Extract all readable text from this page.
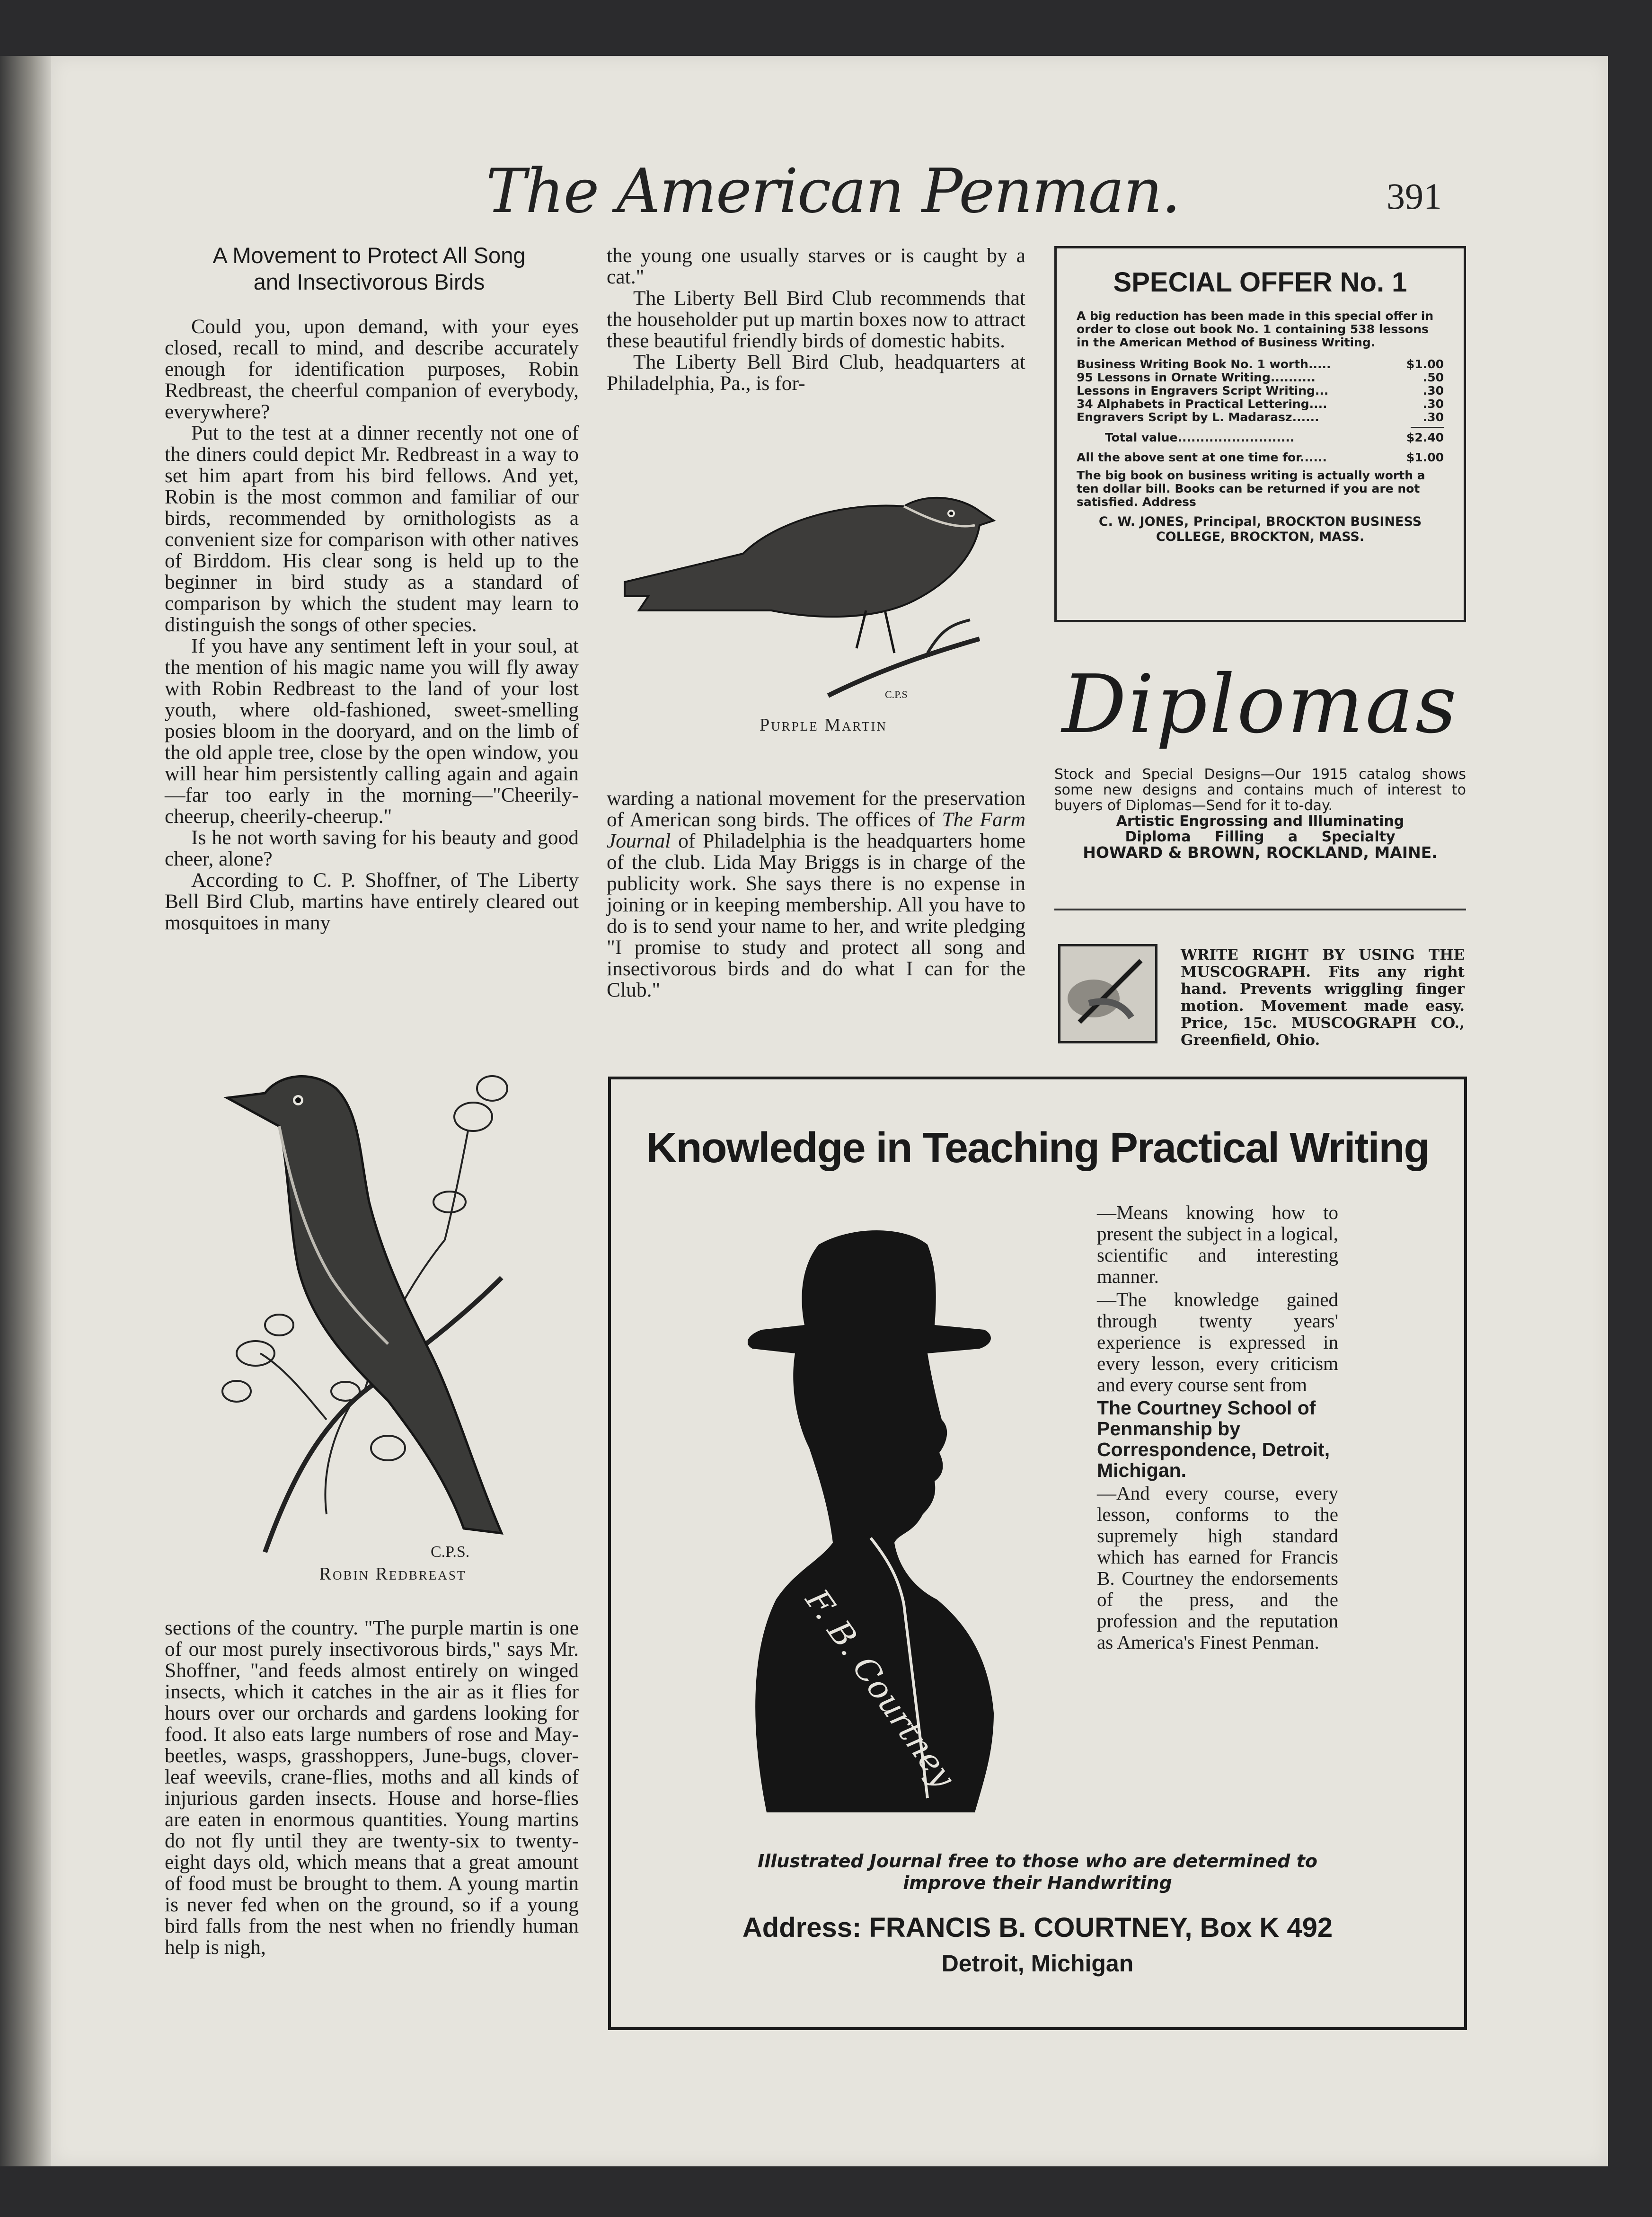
The American Penman.	391
A Movement to Protect All Song
and Insectivorous Birds

Could you, upon demand, with your eyes closed, recall to mind, and describe accurately enough for identification purposes, Robin Redbreast, the cheerful companion of everybody, everywhere?

Put to the test at a dinner recently not one of the diners could depict Mr. Redbreast in a way to set him apart from his bird fellows. And yet, Robin is the most common and familiar of our birds, recommended by ornithologists as a convenient size for comparison with other natives of Birddom. His clear song is held up to the beginner in bird study as a standard of comparison by which the student may learn to distinguish the songs of other species.

If you have any sentiment left in your soul, at the mention of his magic name you will fly away with Robin Redbreast to the land of your lost youth, where old-fashioned, sweet-smelling posies bloom in the dooryard, and on the limb of the old apple tree, close by the open window, you will hear him persistently calling again and again—far too early in the morning—"Cheerily-cheerup, cheerily-cheerup."

Is he not worth saving for his beauty and good cheer, alone?

According to C. P. Shoffner, of The Liberty Bell Bird Club, martins have entirely cleared out mosquitoes in many

C.P.S.
Robin Redbreast

sections of the country. "The purple martin is one of our most purely insectivorous birds," says Mr. Shoffner, "and feeds almost entirely on winged insects, which it catches in the air as it flies for hours over our orchards and gardens looking for food. It also eats large numbers of rose and May-beetles, wasps, grasshoppers, June-bugs, clover-leaf weevils, crane-flies, moths and all kinds of injurious garden insects. House and horse-flies are eaten in enormous quantities. Young martins do not fly until they are twenty-six to twenty-eight days old, which means that a great amount of food must be brought to them. A young martin is never fed when on the ground, so if a young bird falls from the nest when no friendly human help is nigh,

the young one usually starves or is caught by a cat."

The Liberty Bell Bird Club recommends that the householder put up martin boxes now to attract these beautiful friendly birds of domestic habits.

The Liberty Bell Bird Club, headquarters at Philadelphia, Pa., is for-

C.P.S
Purple Martin

warding a national movement for the preservation of American song birds. The offices of The Farm Journal of Philadelphia is the headquarters home of the club. Lida May Briggs is in charge of the publicity work. She says there is no expense in joining or in keeping membership. All you have to do is to send your name to her, and write pledging "I promise to study and protect all song and insectivorous birds and do what I can for the Club."

SPECIAL OFFER No. 1
A big reduction has been made in this special offer in order to close out book No. 1 containing 538 lessons in the American Method of Business Writing.
Business Writing Book No. 1 worth.....	$1.00
95 Lessons in Ornate Writing..........	.50
Lessons in Engravers Script Writing...	.30
34 Alphabets in Practical Lettering....	.30
Engravers Script by L. Madarasz......	.30
Total value..........................	$2.40
All the above sent at one time for......	$1.00
The big book on business writing is actually worth a ten dollar bill. Books can be returned if you are not satisfied. Address
C. W. JONES, Principal, BROCKTON BUSINESS COLLEGE, BROCKTON, MASS.
Diplomas
Stock and Special Designs—Our 1915 catalog shows some new designs and contains much of interest to buyers of Diplomas—Send for it to-day.
Artistic Engrossing and Illuminating
Diploma Filling a Specialty
HOWARD & BROWN, ROCKLAND, MAINE.
WRITE RIGHT BY USING THE MUSCOGRAPH. Fits any right hand. Prevents wriggling finger motion. Movement made easy. Price, 15c. MUSCOGRAPH CO., Greenfield, Ohio.
Knowledge in Teaching Practical Writing
F. B. Courtney

—Means knowing how to present the subject in a logical, scientific and interesting manner.

—The knowledge gained through twenty years' experience is expressed in every lesson, every criticism and every course sent from

The Courtney School of Penmanship by Correspondence, Detroit, Michigan.

—And every course, every lesson, conforms to the supremely high standard which has earned for Francis B. Courtney the endorsements of the press, and the profession and the reputation as America's Finest Penman.

Illustrated Journal free to those who are determined to
improve their Handwriting
Address: FRANCIS B. COURTNEY, Box K 492
Detroit, Michigan
